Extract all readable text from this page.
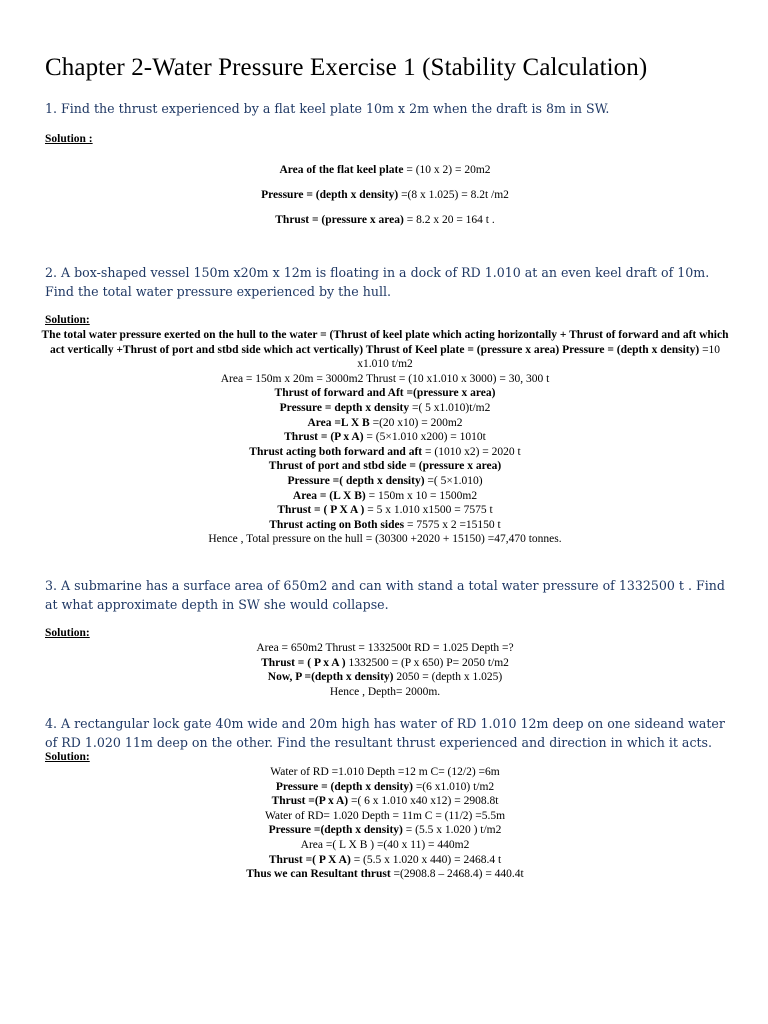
Chapter 2-Water Pressure Exercise 1 (Stability Calculation)

1. Find the thrust experienced by a flat keel plate 10m x 2m when the draft is 8m in SW.

Solution :

Area of the flat keel plate = (10 x 2) = 20m2
Pressure = (depth x density) =(8 x 1.025) = 8.2t /m2
Thrust = (pressure x area) = 8.2 x 20 = 164 t .

2. A box-shaped vessel 150m x20m x 12m is floating in a dock of RD 1.010 at an even keel draft of 10m. Find the total water pressure experienced by the hull.

Solution:

The total water pressure exerted on the hull to the water = (Thrust of keel plate which acting horizontally + Thrust of forward and aft which act vertically +Thrust of port and stbd side which act vertically) Thrust of Keel plate = (pressure x area) Pressure = (depth x density) =10 x1.010 t/m2
Area = 150m x 20m = 3000m2 Thrust = (10 x1.010 x 3000) = 30, 300 t
Thrust of forward and Aft =(pressure x area)
Pressure = depth x density =( 5 x1.010)t/m2
Area =L X B =(20 x10) = 200m2
Thrust = (P x A) = (5×1.010 x200) = 1010t
Thrust acting both forward and aft = (1010 x2) = 2020 t
Thrust of port and stbd side = (pressure x area)
Pressure =( depth x density) =( 5×1.010)
Area = (L X B) = 150m x 10 = 1500m2
Thrust = ( P X A ) = 5 x 1.010 x1500 = 7575 t
Thrust acting on Both sides = 7575 x 2 =15150 t
Hence , Total pressure on the hull = (30300 +2020 + 15150) =47,470 tonnes.

3. A submarine has a surface area of 650m2 and can with stand a total water pressure of 1332500 t . Find at what approximate depth in SW she would collapse.

Solution:

Area = 650m2 Thrust = 1332500t RD = 1.025 Depth =?
Thrust = ( P x A ) 1332500 = (P x 650) P= 2050 t/m2
Now, P =(depth x density) 2050 = (depth x 1.025)
Hence , Depth= 2000m.

4. A rectangular lock gate 40m wide and 20m high has water of RD 1.010 12m deep on one sideand water of RD 1.020 11m deep on the other. Find the resultant thrust experienced and direction in which it acts.

Solution:

Water of RD =1.010 Depth =12 m C= (12/2) =6m
Pressure = (depth x density) =(6 x1.010) t/m2
Thrust =(P x A) =( 6 x 1.010 x40 x12) = 2908.8t
Water of RD= 1.020 Depth = 11m C = (11/2) =5.5m
Pressure =(depth x density) = (5.5 x 1.020 ) t/m2
Area =( L X B ) =(40 x 11) = 440m2
Thrust =( P X A) = (5.5 x 1.020 x 440) = 2468.4 t
Thus we can Resultant thrust =(2908.8 – 2468.4) = 440.4t
